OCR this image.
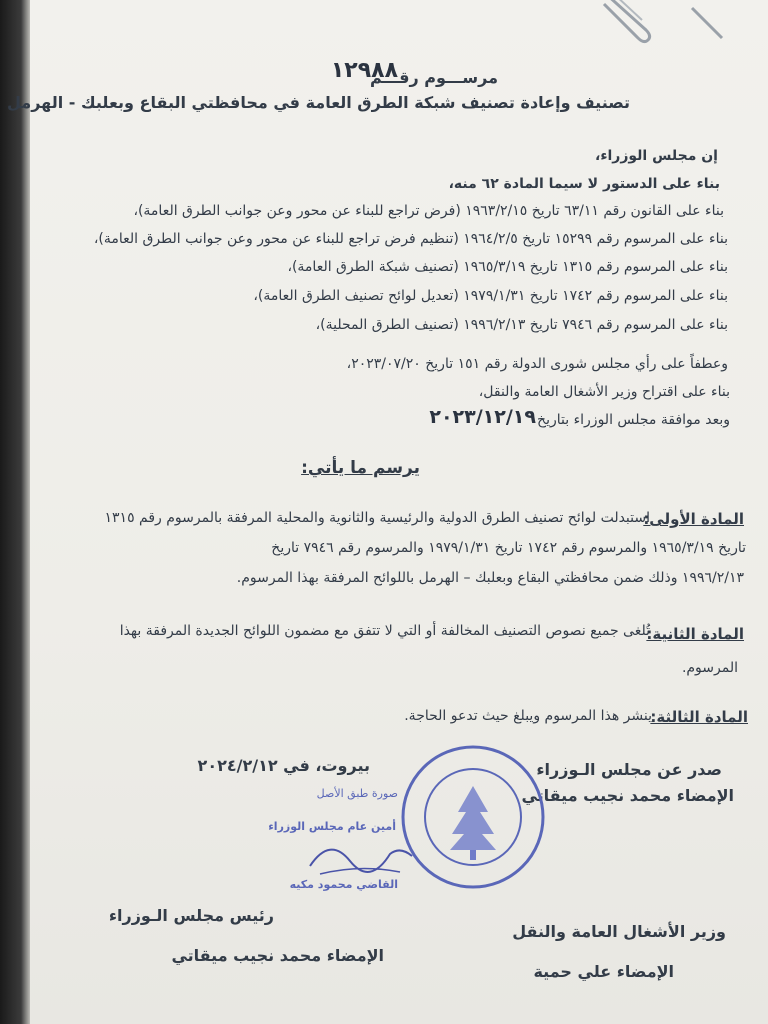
١٢٩٨٨
مرســـوم رقـــم
تصنيف وإعادة تصنيف شبكة الطرق العامة في محافظتي البقاع وبعلبك - الهرمل
إن مجلس الوزراء،
بناء على الدستور لا سيما المادة ٦٢ منه،
بناء على القانون رقم ٦٣/١١ تاريخ ١٩٦٣/٢/١٥ (فرض تراجع للبناء عن محور وعن جوانب الطرق العامة)،
بناء على المرسوم رقم ١٥٢٩٩ تاريخ ١٩٦٤/٢/٥ (تنظيم فرض تراجع للبناء عن محور وعن جوانب الطرق العامة)،
بناء على المرسوم رقم ١٣١٥ تاريخ ١٩٦٥/٣/١٩ (تصنيف شبكة الطرق العامة)،
بناء على المرسوم رقم ١٧٤٢ تاريخ ١٩٧٩/١/٣١ (تعديل لوائح تصنيف الطرق العامة)،
بناء على المرسوم رقم ٧٩٤٦ تاريخ ١٩٩٦/٢/١٣ (تصنيف الطرق المحلية)،
وعطفاً على رأي مجلس شورى الدولة رقم ١٥١ تاريخ ٢٠٢٣/٠٧/٢٠،
بناء على اقتراح وزير الأشغال العامة والنقل،
وبعد موافقة مجلس الوزراء بتاريخ
٢٠٢٣/١٢/١٩
يرسم ما يأتي:
المادة الأولى:
استبدلت لوائح تصنيف الطرق الدولية والرئيسية والثانوية والمحلية المرفقة بالمرسوم رقم ١٣١٥
تاريخ ١٩٦٥/٣/١٩ والمرسوم رقم ١٧٤٢ تاريخ ١٩٧٩/١/٣١ والمرسوم رقم ٧٩٤٦ تاريخ
١٩٩٦/٢/١٣ وذلك ضمن محافظتي البقاع وبعلبك – الهرمل باللوائح المرفقة بهذا المرسوم.
المادة الثانية:
تُلغى جميع نصوص التصنيف المخالفة أو التي لا تتفق مع مضمون اللوائح الجديدة المرفقة بهذا
المرسوم.
المادة الثالثة:
ينشر هذا المرسوم ويبلغ حيث تدعو الحاجة.
صدر عن مجلس الـوزراء
الإمضاء محمد نجيب ميقاتي
بيروت، في ٢٠٢٤/٢/١٢
صورة طبق الأصل
أمين عام مجلس الوزراء
القاضي محمود مكيه
رئيس مجلس الـوزراء
الإمضاء محمد نجيب ميقاتي
وزير الأشغال العامة والنقل
الإمضاء علي حمية
